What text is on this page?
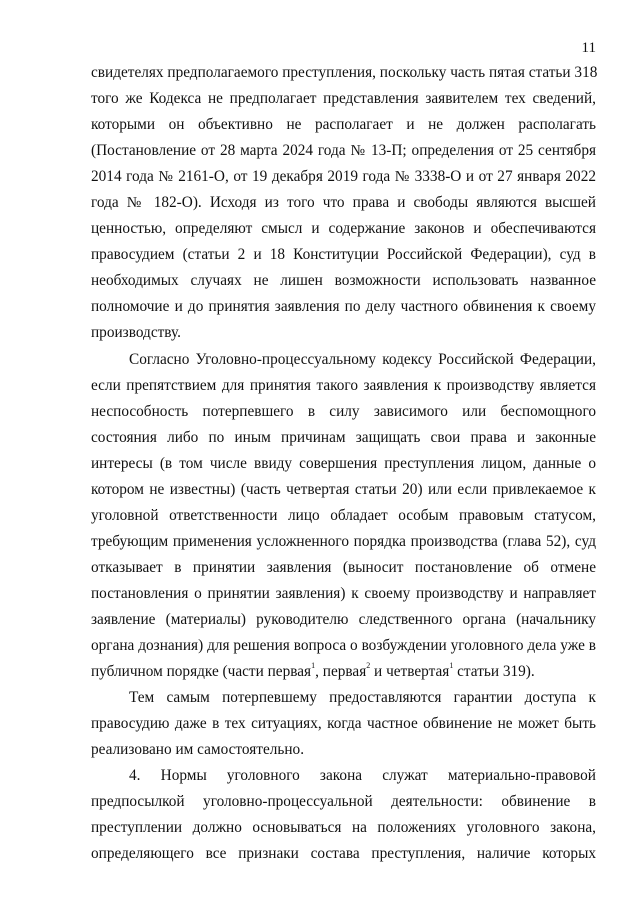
11
свидетелях предполагаемого преступления, поскольку часть пятая статьи 318
того же Кодекса не предполагает представления заявителем тех сведений,
которыми он объективно не располагает и не должен располагать
(Постановление от 28 марта 2024 года № 13-П; определения от 25 сентября
2014 года № 2161-О, от 19 декабря 2019 года № 3338-О и от 27 января 2022
года № 182-О). Исходя из того что права и свободы являются высшей
ценностью, определяют смысл и содержание законов и обеспечиваются
правосудием (статьи 2 и 18 Конституции Российской Федерации), суд в
необходимых случаях не лишен возможности использовать названное
полномочие и до принятия заявления по делу частного обвинения к своему
производству.
Согласно Уголовно-процессуальному кодексу Российской Федерации,
если препятствием для принятия такого заявления к производству является
неспособность потерпевшего в силу зависимого или беспомощного
состояния либо по иным причинам защищать свои права и законные
интересы (в том числе ввиду совершения преступления лицом, данные о
котором не известны) (часть четвертая статьи 20) или если привлекаемое к
уголовной ответственности лицо обладает особым правовым статусом,
требующим применения усложненного порядка производства (глава 52), суд
отказывает в принятии заявления (выносит постановление об отмене
постановления о принятии заявления) к своему производству и направляет
заявление (материалы) руководителю следственного органа (начальнику
органа дознания) для решения вопроса о возбуждении уголовного дела уже в
публичном порядке (части первая$^1$, первая$^2$ и четвертая$^1$ статьи 319).
Тем самым потерпевшему предоставляются гарантии доступа к
правосудию даже в тех ситуациях, когда частное обвинение не может быть
реализовано им самостоятельно.
4. Нормы уголовного закона служат материально-правовой
предпосылкой уголовно-процессуальной деятельности: обвинение в
преступлении должно основываться на положениях уголовного закона,
определяющего все признаки состава преступления, наличие которых
